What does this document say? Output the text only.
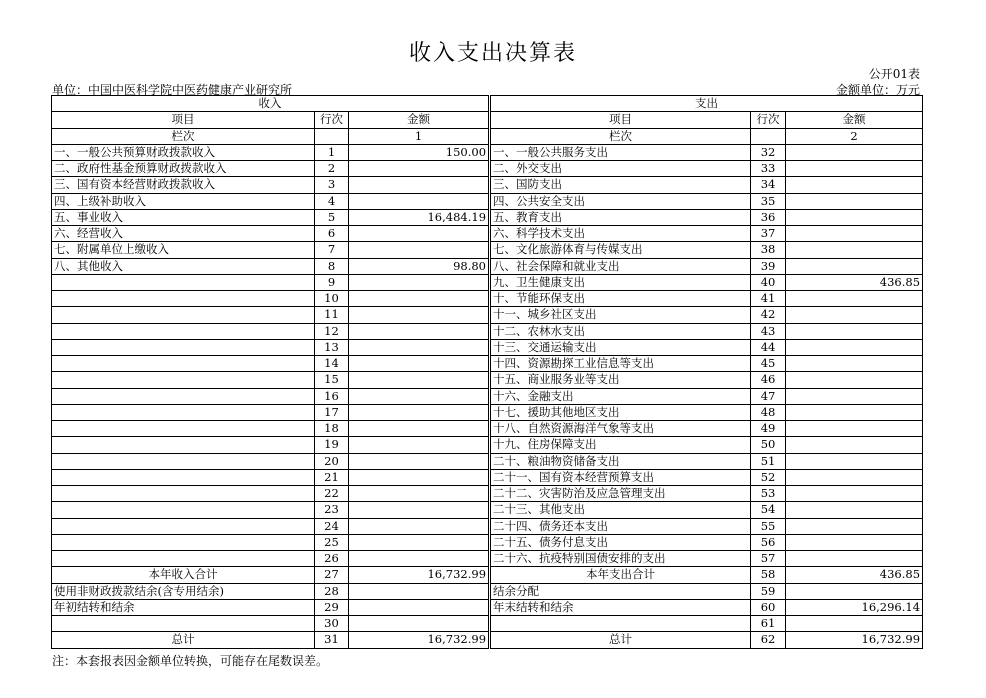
收入支出决算表
公开01表
单位：中国中医科学院中医药健康产业研究所	金额单位：万元
收入				支出		
项目	行次	金额		项目	行次	金额
栏次		1		栏次		2
一、一般公共预算财政拨款收入	1	150.00		一、一般公共服务支出	32	
二、政府性基金预算财政拨款收入	2			二、外交支出	33	
三、国有资本经营财政拨款收入	3			三、国防支出	34	
四、上级补助收入	4			四、公共安全支出	35	
五、事业收入	5	16,484.19		五、教育支出	36	
六、经营收入	6			六、科学技术支出	37	
七、附属单位上缴收入	7			七、文化旅游体育与传媒支出	38	
八、其他收入	8	98.80		八、社会保障和就业支出	39	
	9			九、卫生健康支出	40	436.85
	10			十、节能环保支出	41	
	11			十一、城乡社区支出	42	
	12			十二、农林水支出	43	
	13			十三、交通运输支出	44	
	14			十四、资源勘探工业信息等支出	45	
	15			十五、商业服务业等支出	46	
	16			十六、金融支出	47	
	17			十七、援助其他地区支出	48	
	18			十八、自然资源海洋气象等支出	49	
	19			十九、住房保障支出	50	
	20			二十、粮油物资储备支出	51	
	21			二十一、国有资本经营预算支出	52	
	22			二十二、灾害防治及应急管理支出	53	
	23			二十三、其他支出	54	
	24			二十四、债务还本支出	55	
	25			二十五、债务付息支出	56	
	26			二十六、抗疫特别国债安排的支出	57	
本年收入合计	27	16,732.99		本年支出合计	58	436.85
使用非财政拨款结余(含专用结余)	28			结余分配	59	
年初结转和结余	29			年末结转和结余	60	16,296.14
	30				61	
总计	31	16,732.99		总计	62	16,732.99
注：本套报表因金额单位转换，可能存在尾数误差。
